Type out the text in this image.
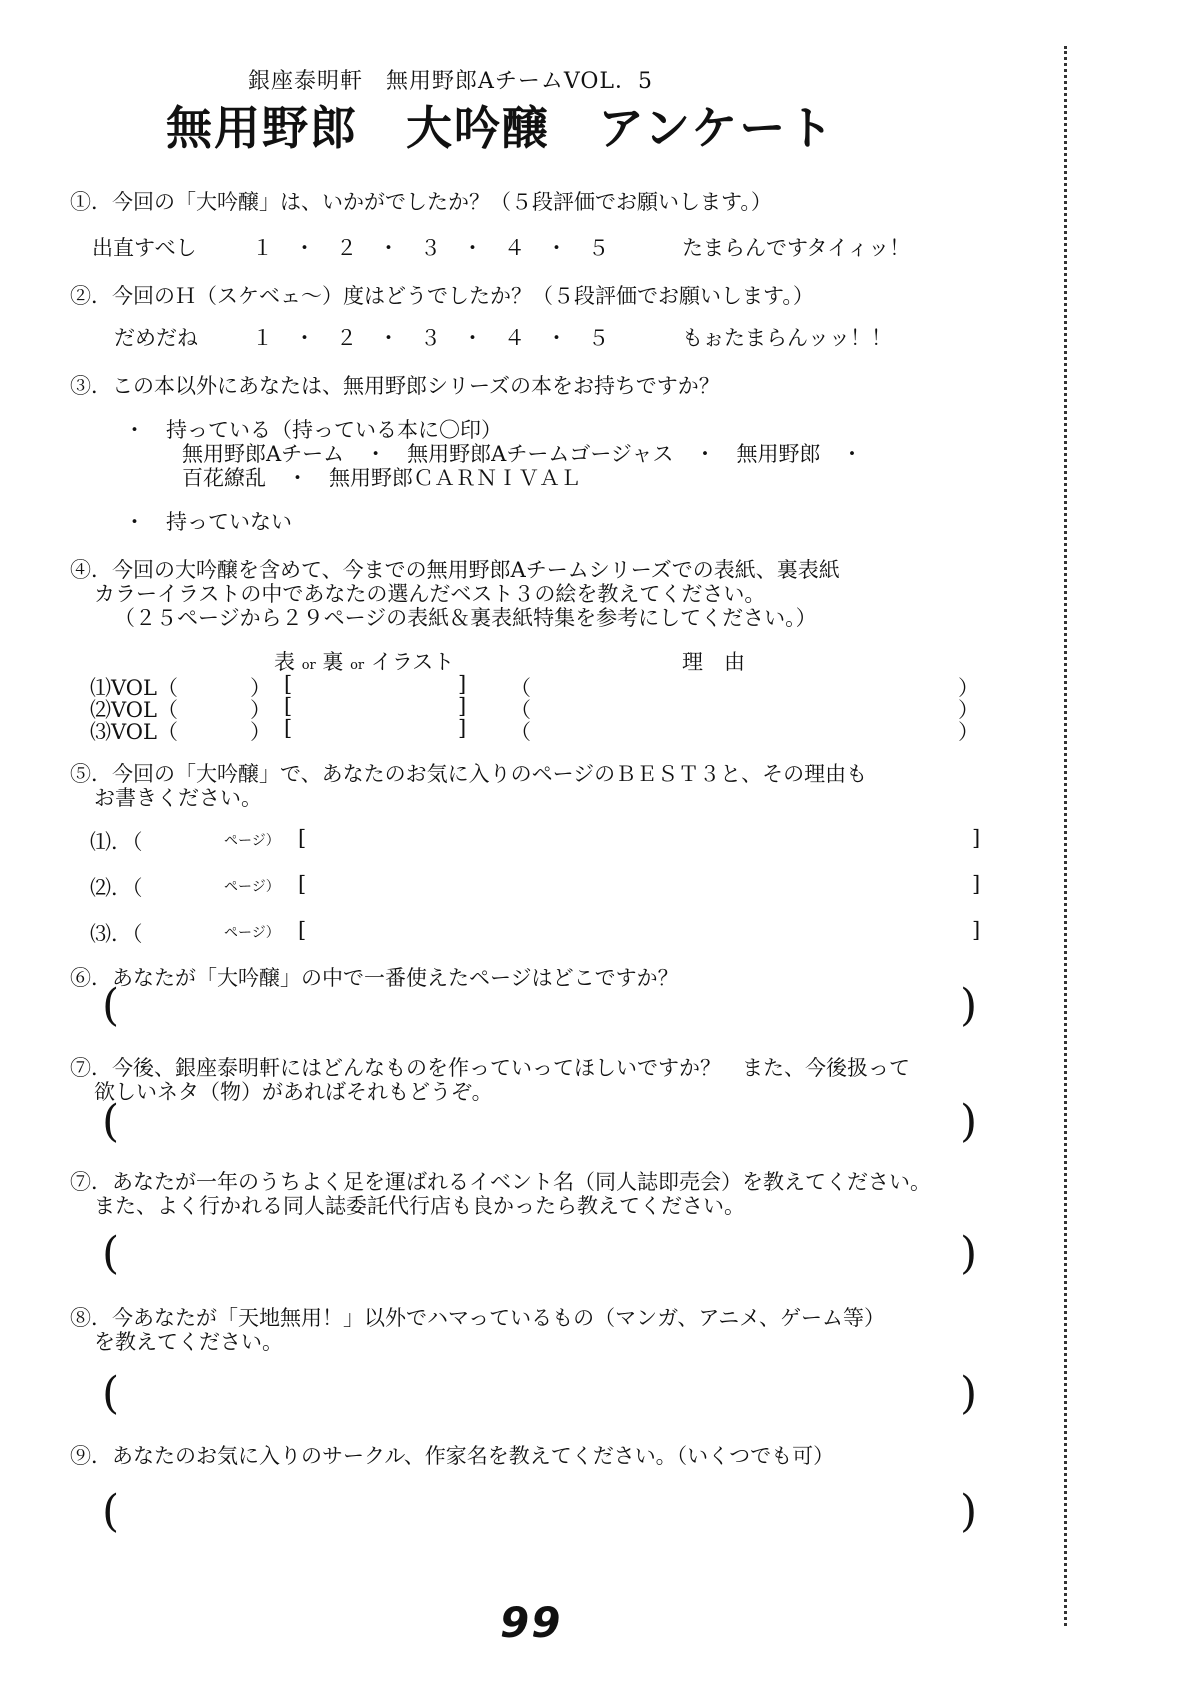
銀座泰明軒　無用野郎AチームVOL．5
無用野郎　大吟醸　アンケート
①．今回の「大吟醸」は、いかがでしたか？（５段評価でお願いします。）
出直すべし	１　・　２　・　３　・　４　・　５	たまらんですタイィッ！
②．今回のＨ（スケベェ～）度はどうでしたか？（５段評価でお願いします。）
だめだね	１　・　２　・　３　・　４　・　５	もぉたまらんッッ！！
③．この本以外にあなたは、無用野郎シリーズの本をお持ちですか？
・　持っている（持っている本に〇印）
無用野郎Aチーム　・　無用野郎Aチームゴージャス　・　無用野郎　・
百花繚乱　・　無用野郎ＣＡＲＮＩＶＡＬ
・　持っていない
④．今回の大吟醸を含めて、今までの無用野郎Aチームシリーズでの表紙、裏表紙
カラーイラストの中であなたの選んだベスト３の絵を教えてください。
（２５ページから２９ページの表紙＆裏表紙特集を参考にしてください。）
表 or 裏 or イラスト	理　由
⑴VOL（	） [	] （	）
⑵VOL（	） [	] （	）
⑶VOL（	） [	] （	）
⑤．今回の「大吟醸」で、あなたのお気に入りのページのＢＥＳＴ３と、その理由も
お書きください。
⑴．（	ページ） [	]
⑵．（	ページ） [	]
⑶．（	ページ） [	]
⑥．あなたが「大吟醸」の中で一番使えたページはどこですか？
(	)
⑦．今後、銀座泰明軒にはどんなものを作っていってほしいですか？　また、今後扱って
欲しいネタ（物）があればそれもどうぞ。
(	)
⑦．あなたが一年のうちよく足を運ばれるイベント名（同人誌即売会）を教えてください。
また、よく行かれる同人誌委託代行店も良かったら教えてください。
(	)
⑧．今あなたが「天地無用！」以外でハマっているもの（マンガ、アニメ、ゲーム等）
を教えてください。
(	)
⑨．あなたのお気に入りのサークル、作家名を教えてください。（いくつでも可）
(	)
99
